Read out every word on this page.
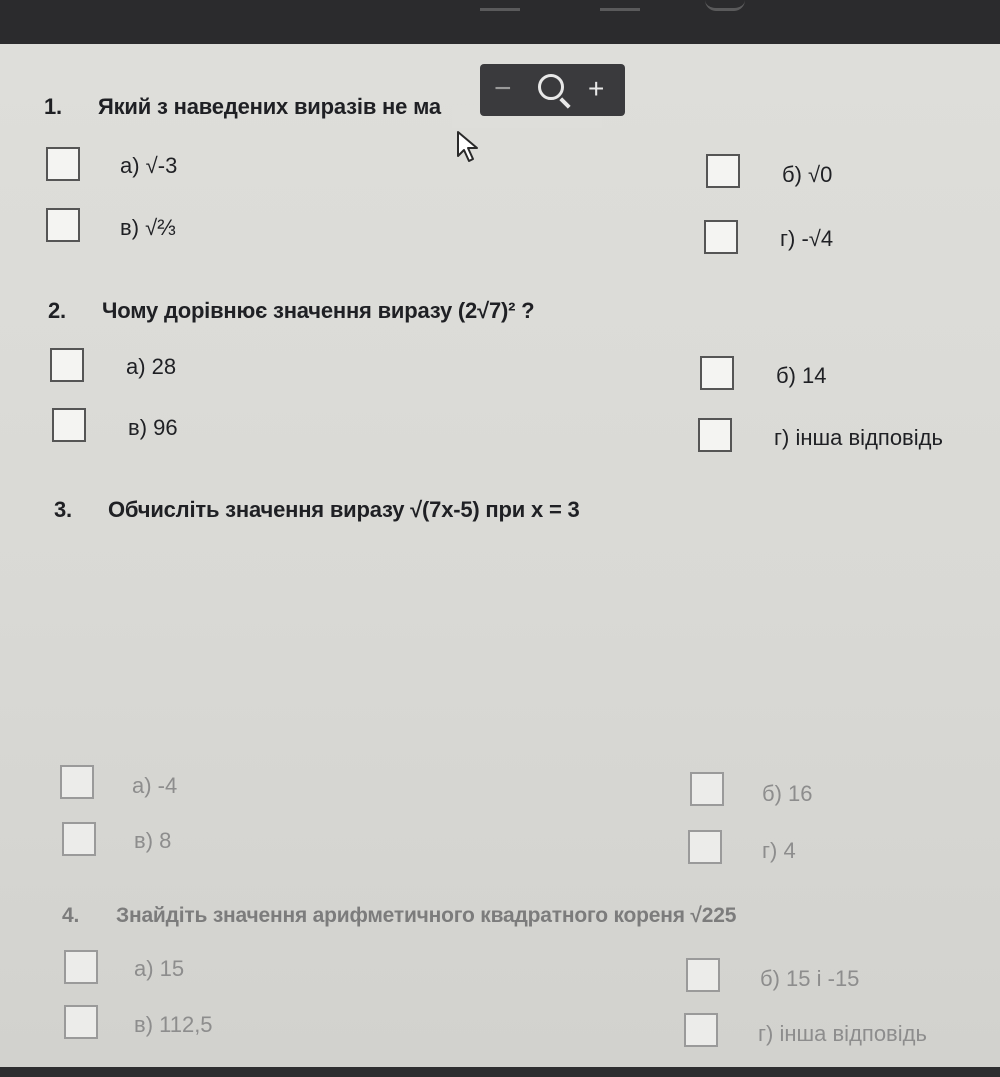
1. Який з наведених виразів не ма
а) √-3	б) √0
в) √⅔	г) -√4
−	+
2. Чому дорівнює значення виразу (2√7)² ?
а) 28	б) 14
в) 96	г) інша відповідь
3. Обчисліть значення виразу √(7x-5) при x = 3
а) -4	б) 16
в) 8	г) 4
4. Знайдіть значення арифметичного квадратного кореня √225
а) 15	б) 15 і -15
в) 112,5	г) інша відповідь
